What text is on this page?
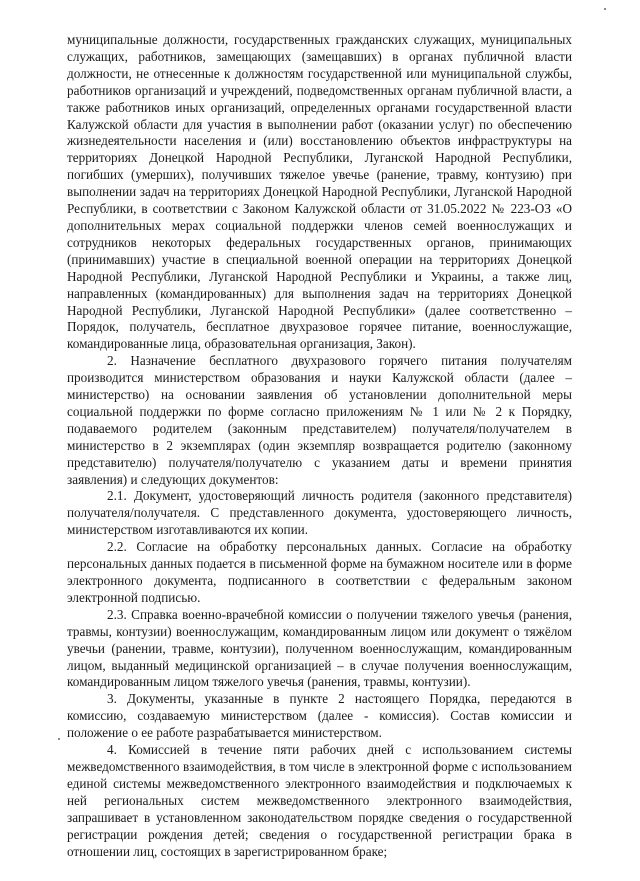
муниципальные должности, государственных гражданских служащих, муниципальных служащих, работников, замещающих (замещавших) в органах публичной власти должности, не отнесенные к должностям государственной или муниципальной службы, работников организаций и учреждений, подведомственных органам публичной власти, а также работников иных организаций, определенных органами государственной власти Калужской области для участия в выполнении работ (оказании услуг) по обеспечению жизнедеятельности населения и (или) восстановлению объектов инфраструктуры на территориях Донецкой Народной Республики, Луганской Народной Республики, погибших (умерших), получивших тяжелое увечье (ранение, травму, контузию) при выполнении задач на территориях Донецкой Народной Республики, Луганской Народной Республики, в соответствии с Законом Калужской области от 31.05.2022 № 223-ОЗ «О дополнительных мерах социальной поддержки членов семей военнослужащих и сотрудников некоторых федеральных государственных органов, принимающих (принимавших) участие в специальной военной операции на территориях Донецкой Народной Республики, Луганской Народной Республики и Украины, а также лиц, направленных (командированных) для выполнения задач на территориях Донецкой Народной Республики, Луганской Народной Республики» (далее соответственно – Порядок, получатель, бесплатное двухразовое горячее питание, военнослужащие, командированные лица, образовательная организация, Закон).

2. Назначение бесплатного двухразового горячего питания получателям производится министерством образования и науки Калужской области (далее – министерство) на основании заявления об установлении дополнительной меры социальной поддержки по форме согласно приложениям № 1 или № 2 к Порядку, подаваемого родителем (законным представителем) получателя/получателем в министерство в 2 экземплярах (один экземпляр возвращается родителю (законному представителю) получателя/получателю с указанием даты и времени принятия заявления) и следующих документов:

2.1. Документ, удостоверяющий личность родителя (законного представителя) получателя/получателя. С представленного документа, удостоверяющего личность, министерством изготавливаются их копии.

2.2. Согласие на обработку персональных данных. Согласие на обработку персональных данных подается в письменной форме на бумажном носителе или в форме электронного документа, подписанного в соответствии с федеральным законом электронной подписью.

2.3. Справка военно-врачебной комиссии о получении тяжелого увечья (ранения, травмы, контузии) военнослужащим, командированным лицом или документ о тяжёлом увечьи (ранении, травме, контузии), полученном военнослужащим, командированным лицом, выданный медицинской организацией – в случае получения военнослужащим, командированным лицом тяжелого увечья (ранения, травмы, контузии).

3. Документы, указанные в пункте 2 настоящего Порядка, передаются в комиссию, создаваемую министерством (далее - комиссия). Состав комиссии и положение о ее работе разрабатывается министерством.

4. Комиссией в течение пяти рабочих дней с использованием системы межведомственного взаимодействия, в том числе в электронной форме с использованием единой системы межведомственного электронного взаимодействия и подключаемых к ней региональных систем межведомственного электронного взаимодействия, запрашивает в установленном законодательством порядке сведения о государственной регистрации рождения детей; сведения о государственной регистрации брака в отношении лиц, состоящих в зарегистрированном браке;
